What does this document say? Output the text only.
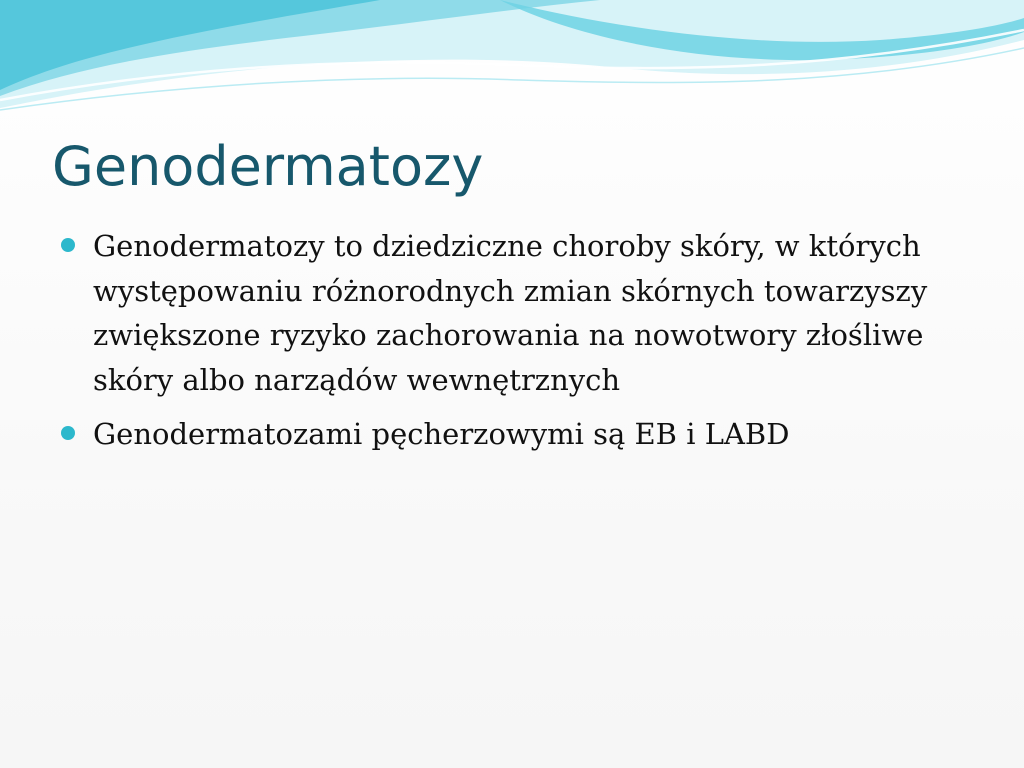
Genodermatozy
Genodermatozy to dziedziczne choroby skóry, w których występowaniu różnorodnych zmian skórnych towarzyszy zwiększone ryzyko zachorowania na nowotwory złośliwe skóry albo narządów wewnętrznych
Genodermatozami pęcherzowymi są EB i LABD
